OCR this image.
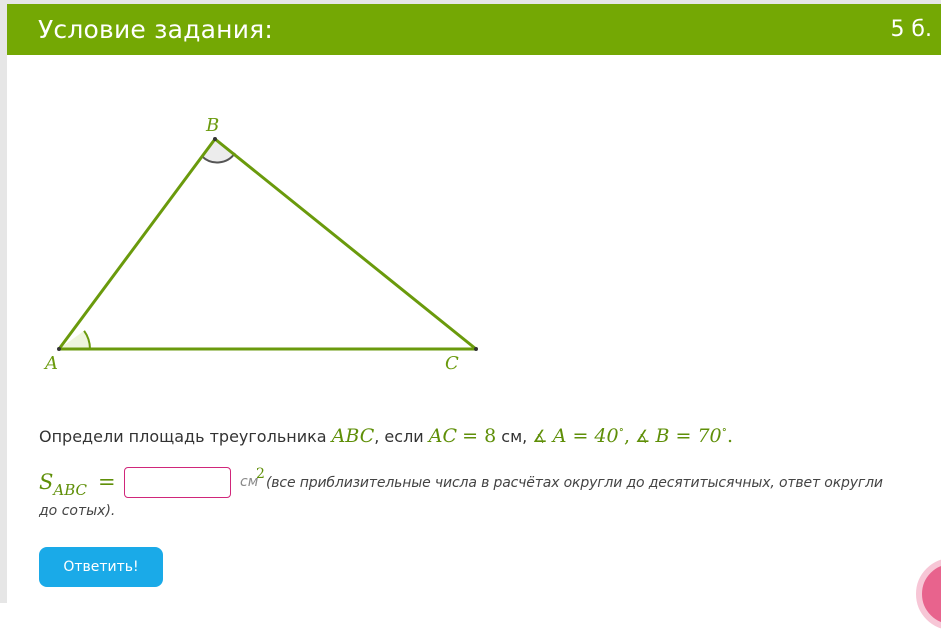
Условие задания:	5 б.
A
B
C
Определи площадь треугольника ABC, если AC = 8 см, ∡ A = 40∘, ∡ B = 70∘.
SABC =	см
2
(все приблизительные числа в расчётах округли до десятитысячных, ответ округли
до сотых).
Ответить!
